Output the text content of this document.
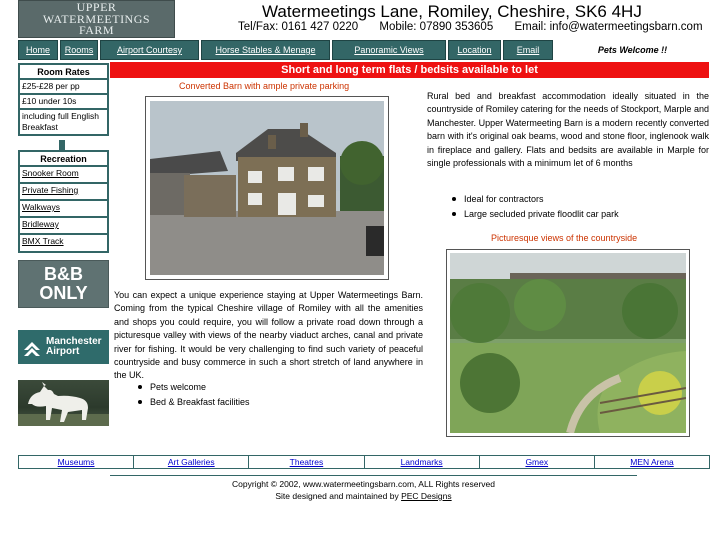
UPPER
WATERMEETINGS
FARM
Watermeetings Lane, Romiley, Cheshire, SK6 4HJ
Tel/Fax: 0161 427 0220 Mobile: 07890 353605 Email: info@watermeetingsbarn.com
Home	Rooms	Airport Courtesy	Horse Stables & Menage	Panoramic Views	Location	Email	Pets Welcome !!
Room Rates
£25-£28 per pp
£10 under 10s
including full English Breakfast
Recreation
Snooker Room
Private Fishing
Walkways
Bridleway
BMX Track
B&B
ONLY
Manchester
Airport
Short and long term flats / bedsits available to let
Converted Barn with ample private parking
Rural bed and breakfast accommodation ideally situated in the countryside of Romiley catering for the needs of Stockport, Marple and Manchester. Upper Watermeeting Barn is a modern recently converted barn with it's original oak beams, wood and stone floor, inglenook walk in fireplace and gallery. Flats and bedsits are available in Marple for single professionals with a minimum let of 6 months
Ideal for contractors
Large secluded private floodlit car park
Picturesque views of the countryside
You can expect a unique experience staying at Upper Watermeetings Barn. Coming from the typical Cheshire village of Romiley with all the amenities and shops you could require, you will follow a private road down through a picturesque valley with views of the nearby viaduct arches, canal and private river for fishing. It would be very challenging to find such variety of peaceful countryside and busy commerce in such a short stretch of land anywhere in the UK.
Pets welcome
Bed & Breakfast facilities
Museums	Art Galleries	Theatres	Landmarks	Gmex	MEN Arena
Copyright © 2002, www.watermeetingsbarn.com, ALL Rights reserved
Site designed and maintained by PEC Designs
